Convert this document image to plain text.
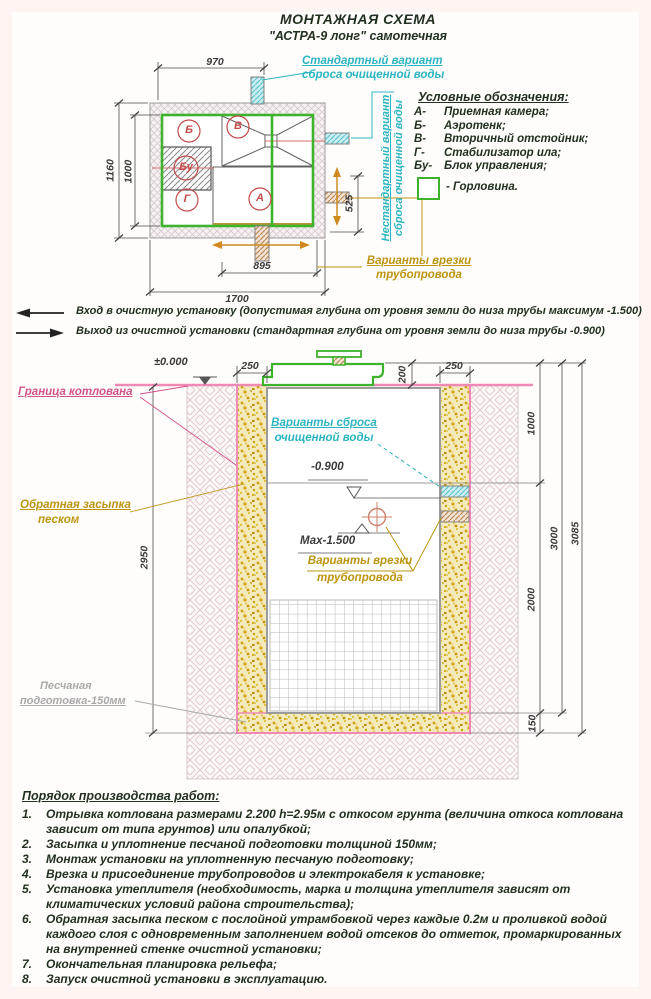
МОНТАЖНАЯ СХЕМА
"АСТРА-9 лонг" самотечная
Б	В
Бу
Г	А
970
1160 1000
525
895
1700
Стандартный вариант
сброса очищенной воды
Нестандартный вариант сброса очищенной воды
Варианты врезки
трубопровода
Условные обозначения:
А-	Приемная камера;
Б-	Аэротенк;
В-	Вторичный отстойник;
Г-	Стабилизатор ила;
Бу-	Блок управления;
- Горловина.
Вход в очистную установку (допустимая глубина от уровня земли до низа трубы максимум -1.500)
Выход из очистной установки (стандартная глубина от уровня земли до низа трубы -0.900)
±0.000	250	250
200
1000
2000
150
3000 3085
2950
Граница котлована
Обратная засыпка
песком
Песчаная
подготовка-150мм
Варианты сброса
очищенной воды
-0.900
Мах-1.500
Варианты врезки
трубопровода
Порядок производства работ:
1.	Отрывка котлована размерами 2.200 h=2.95м с откосом грунта (величина откоса котлована зависит от типа грунтов) или опалубкой;
2.	Засыпка и уплотнение песчаной подготовки толщиной 150мм;
3.	Монтаж установки на уплотненную песчаную подготовку;
4.	Врезка и присоединение трубопроводов и электрокабеля к установке;
5.	Установка утеплителя (необходимость, марка и толщина утеплителя зависят от климатических условий района строительства);
6.	Обратная засыпка песком с послойной утрамбовкой через каждые 0.2м и проливкой водой каждого слоя с одновременным заполнением водой отсеков до отметок, промаркированных на внутренней стенке очистной установки;
7.	Окончательная планировка рельефа;
8.	Запуск очистной установки в эксплуатацию.
